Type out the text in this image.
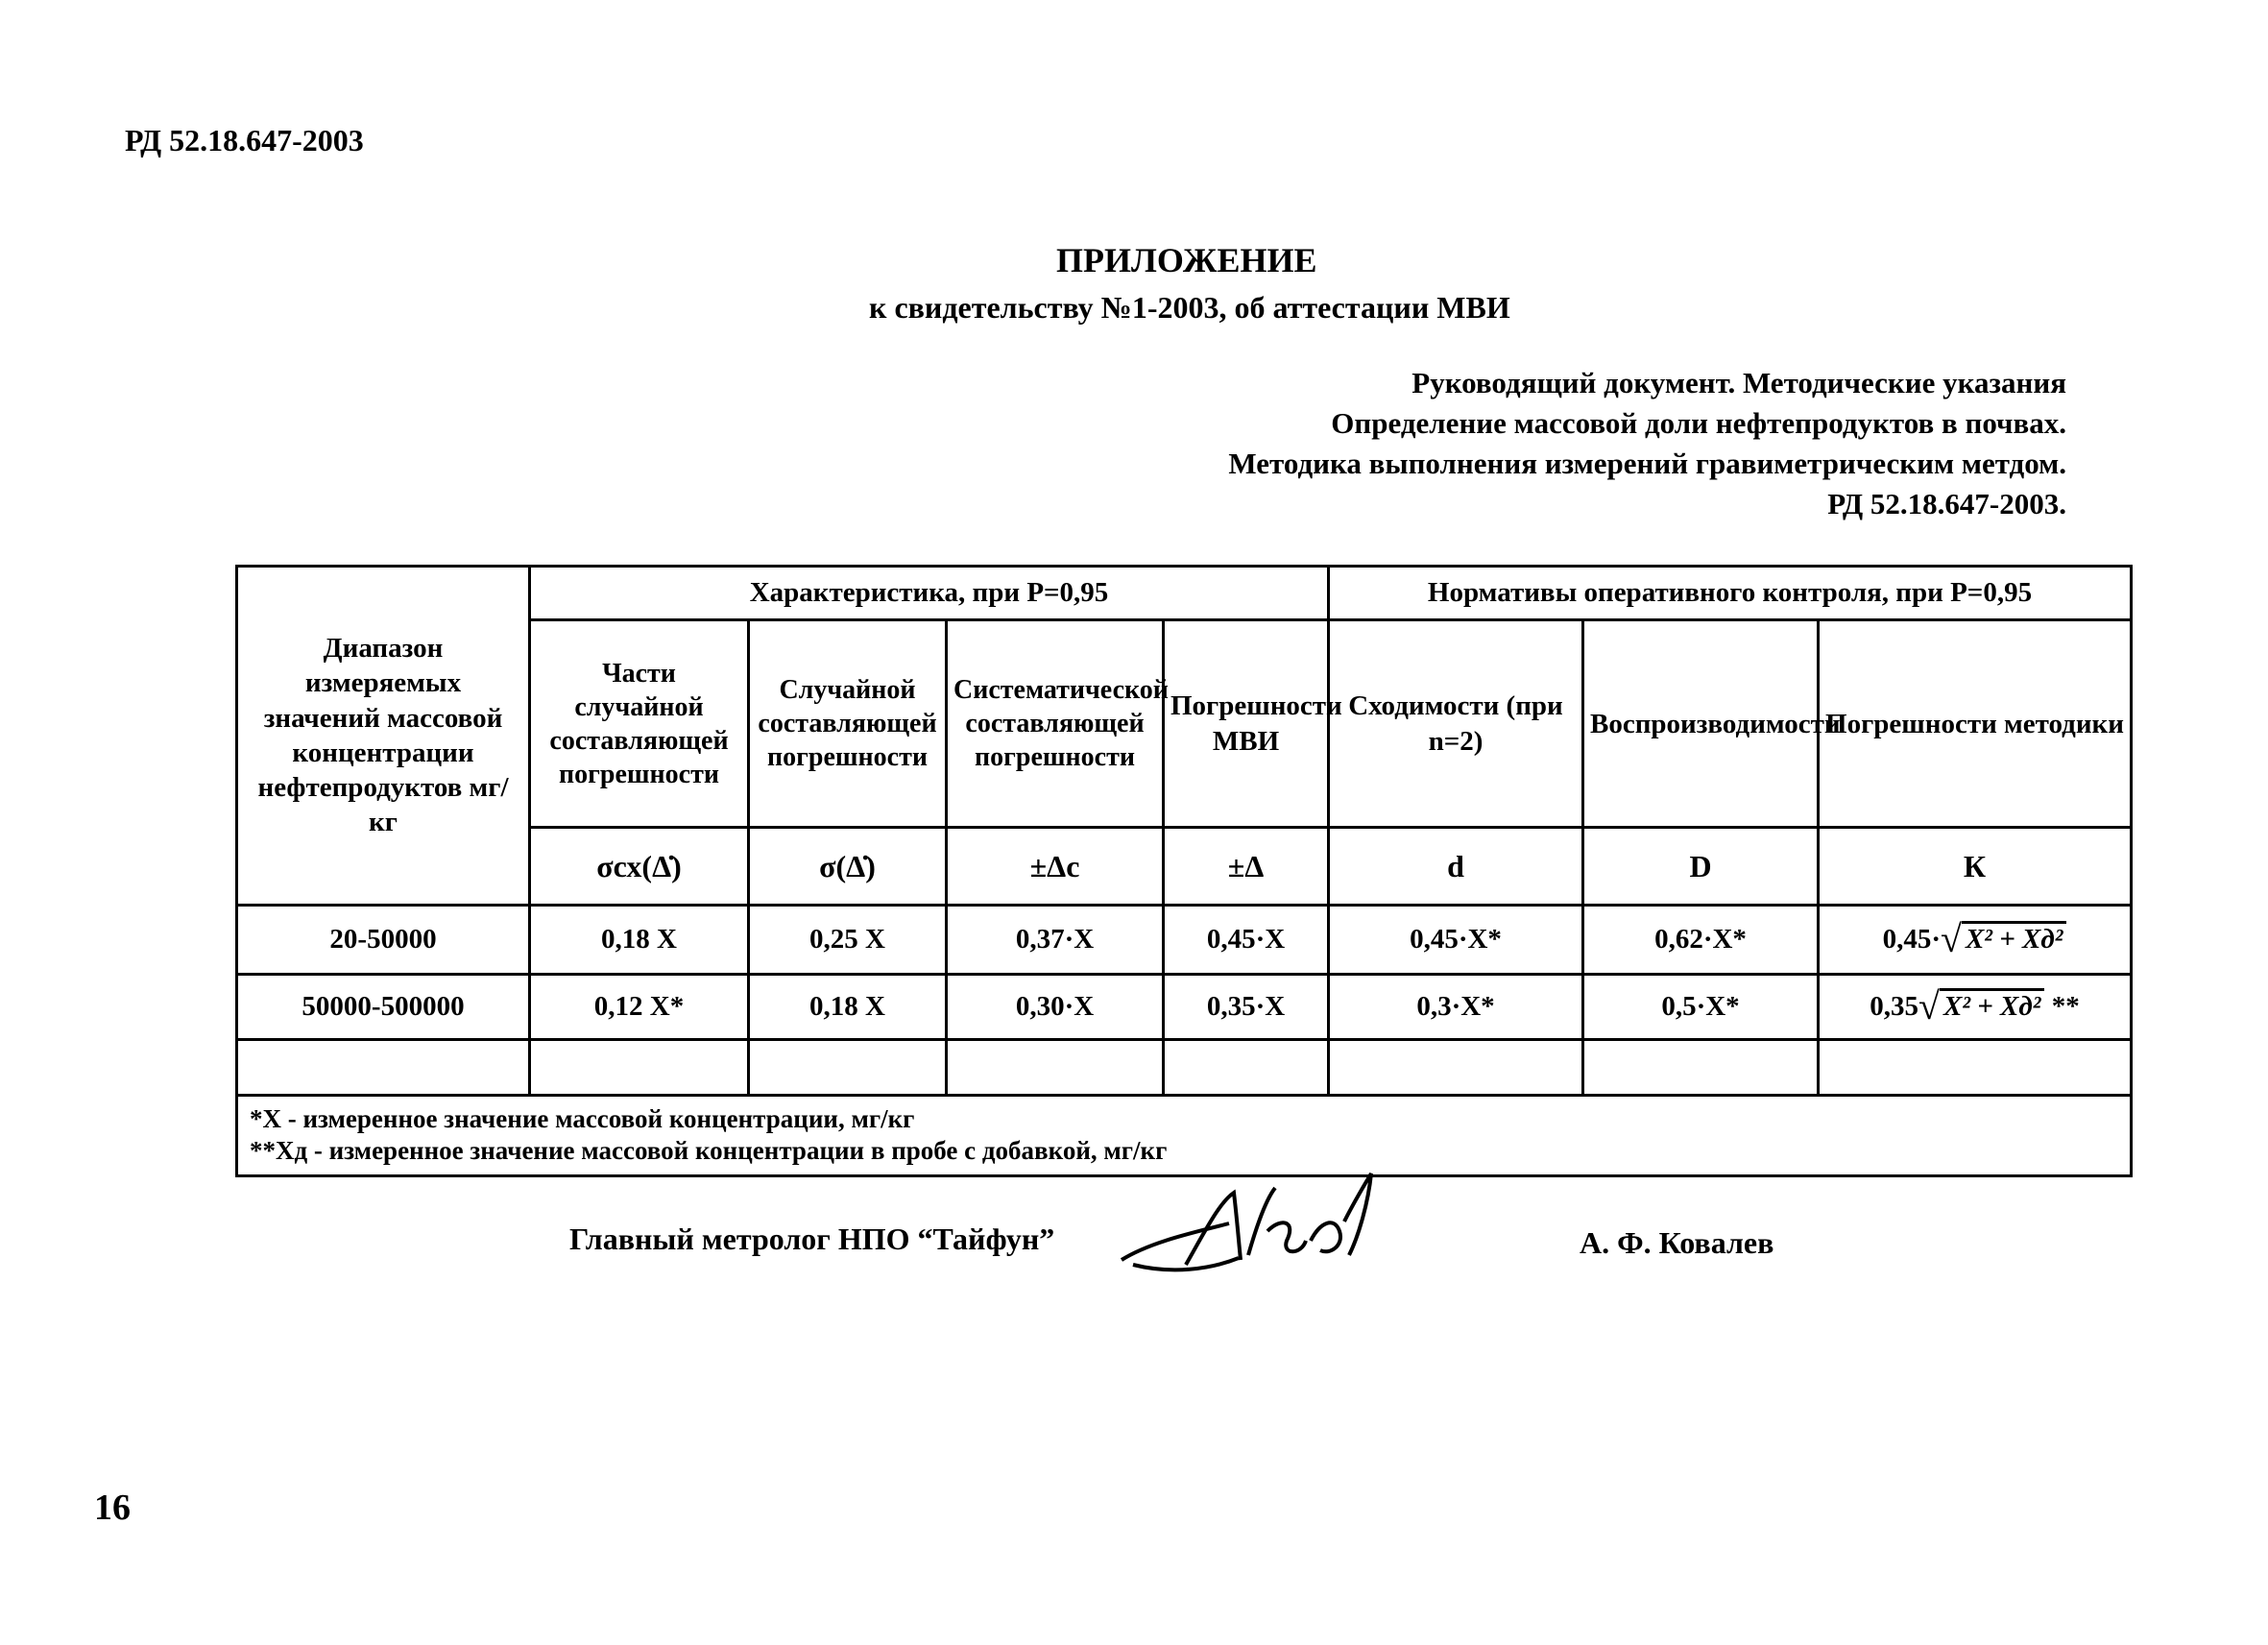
РД 52.18.647-2003
ПРИЛОЖЕНИЕ
к свидетельству №1-2003, об аттестации МВИ
Руководящий документ. Методические указания
Определение массовой доли нефтепродуктов в почвах.
Методика выполнения измерений гравиметрическим метдом.
РД 52.18.647-2003.
Диапазон измеряемых значений массовой концентрации нефтепродуктов мг/кг	Характеристика, при Р=0,95				Нормативы оперативного контроля, при Р=0,95		
	Части случайной составляющей погрешности	Случайной составляющей погрешности	Систематической составляющей погрешности	Погрешности МВИ	Сходимости (при n=2)	Воспроизводимости	Погрешности методики
	σсх(Δ̇)	σ(Δ̇)	±Δс	±Δ	d	D	К
20-50000	0,18 X	0,25 X	0,37·X	0,45·X	0,45·X*	0,62·X*	0,45·√ X² + Xд²
50000-500000	0,12 X*	0,18 X	0,30·X	0,35·X	0,3·X*	0,5·X*	0,35√ X² + Xд² **

*Х - измеренное значение массовой концентрации, мг/кг
**Хд - измеренное значение массовой концентрации в пробе с добавкой, мг/кг							
Главный метролог НПО “Тайфун”	А. Ф. Ковалев
16
